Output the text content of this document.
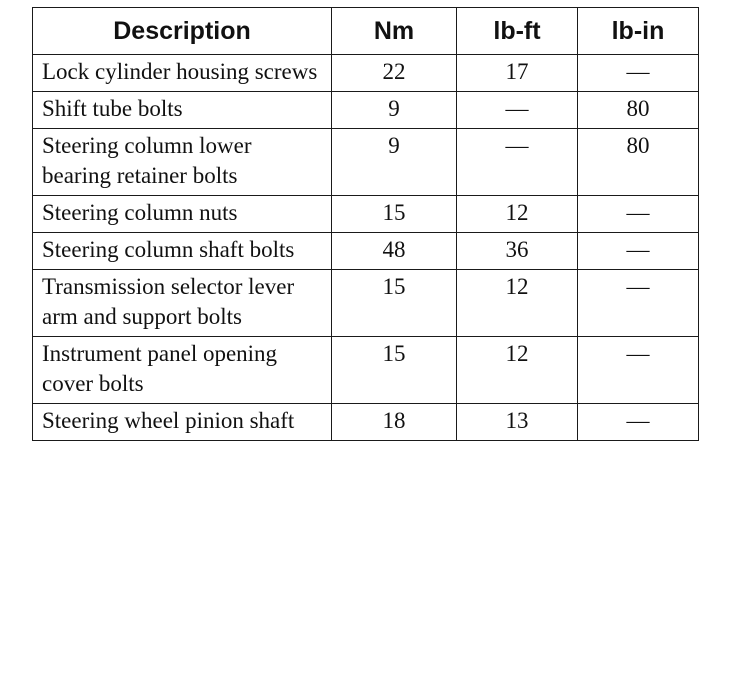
Description	Nm	lb-ft	lb-in
Lock cylinder housing screws	22	17	—
Shift tube bolts	9	—	80
Steering column lower bearing retainer bolts	9	—	80
Steering column nuts	15	12	—
Steering column shaft bolts	48	36	—
Transmission selector lever arm and support bolts	15	12	—
Instrument panel opening cover bolts	15	12	—
Steering wheel pinion shaft	18	13	—
